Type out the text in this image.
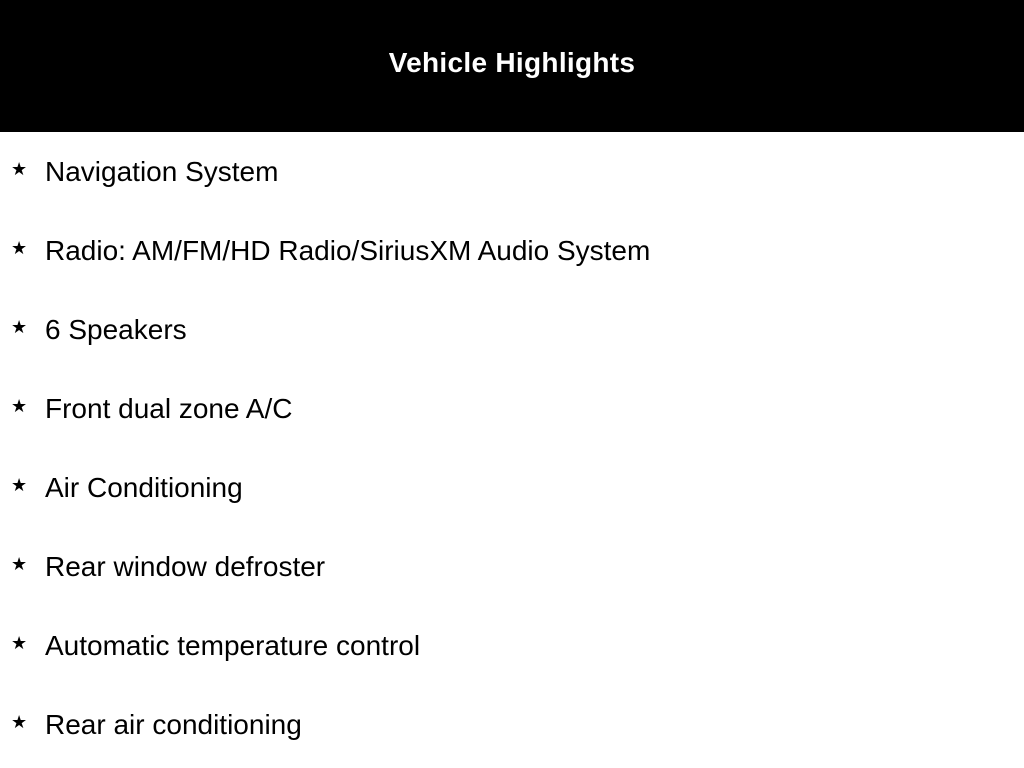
Vehicle Highlights
★ Navigation System
★ Radio: AM/FM/HD Radio/SiriusXM Audio System
★ 6 Speakers
★ Front dual zone A/C
★ Air Conditioning
★ Rear window defroster
★ Automatic temperature control
★ Rear air conditioning
